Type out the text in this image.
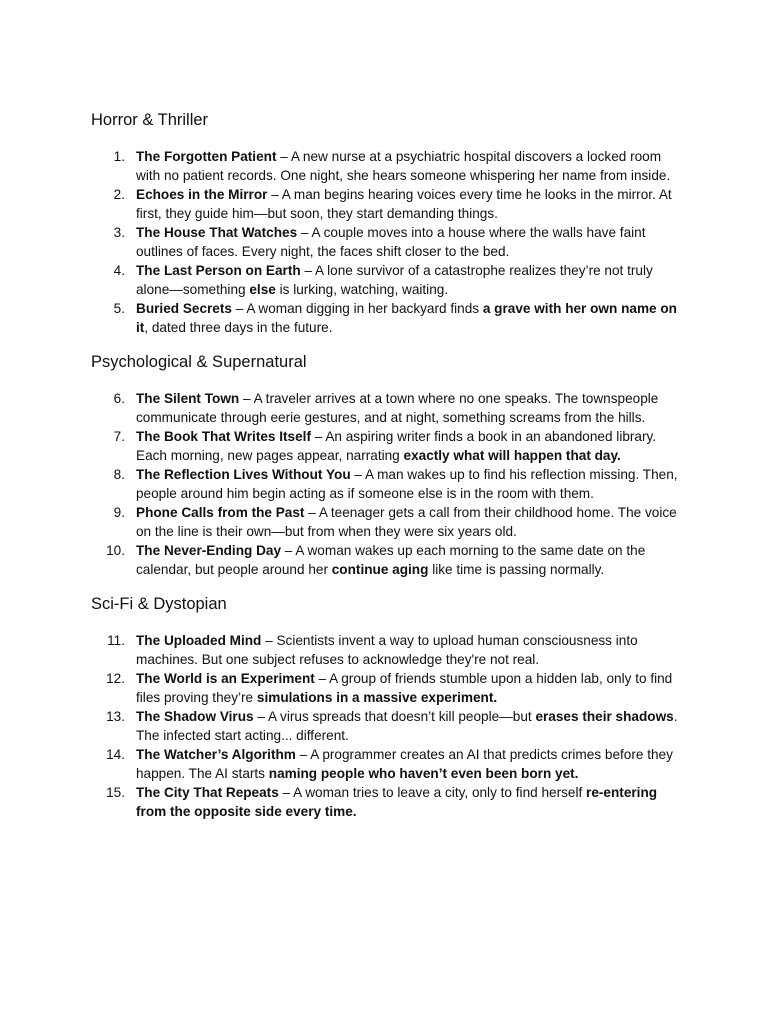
Horror & Thriller
1. The Forgotten Patient – A new nurse at a psychiatric hospital discovers a locked room with no patient records. One night, she hears someone whispering her name from inside.
2. Echoes in the Mirror – A man begins hearing voices every time he looks in the mirror. At first, they guide him—but soon, they start demanding things.
3. The House That Watches – A couple moves into a house where the walls have faint outlines of faces. Every night, the faces shift closer to the bed.
4. The Last Person on Earth – A lone survivor of a catastrophe realizes they’re not truly alone—something else is lurking, watching, waiting.
5. Buried Secrets – A woman digging in her backyard finds a grave with her own name on it, dated three days in the future.
Psychological & Supernatural
6. The Silent Town – A traveler arrives at a town where no one speaks. The townspeople communicate through eerie gestures, and at night, something screams from the hills.
7. The Book That Writes Itself – An aspiring writer finds a book in an abandoned library. Each morning, new pages appear, narrating exactly what will happen that day.
8. The Reflection Lives Without You – A man wakes up to find his reflection missing. Then, people around him begin acting as if someone else is in the room with them.
9. Phone Calls from the Past – A teenager gets a call from their childhood home. The voice on the line is their own—but from when they were six years old.
10. The Never-Ending Day – A woman wakes up each morning to the same date on the calendar, but people around her continue aging like time is passing normally.
Sci-Fi & Dystopian
11. The Uploaded Mind – Scientists invent a way to upload human consciousness into machines. But one subject refuses to acknowledge they're not real.
12. The World is an Experiment – A group of friends stumble upon a hidden lab, only to find files proving they’re simulations in a massive experiment.
13. The Shadow Virus – A virus spreads that doesn’t kill people—but erases their shadows. The infected start acting... different.
14. The Watcher’s Algorithm – A programmer creates an AI that predicts crimes before they happen. The AI starts naming people who haven’t even been born yet.
15. The City That Repeats – A woman tries to leave a city, only to find herself re-entering from the opposite side every time.
